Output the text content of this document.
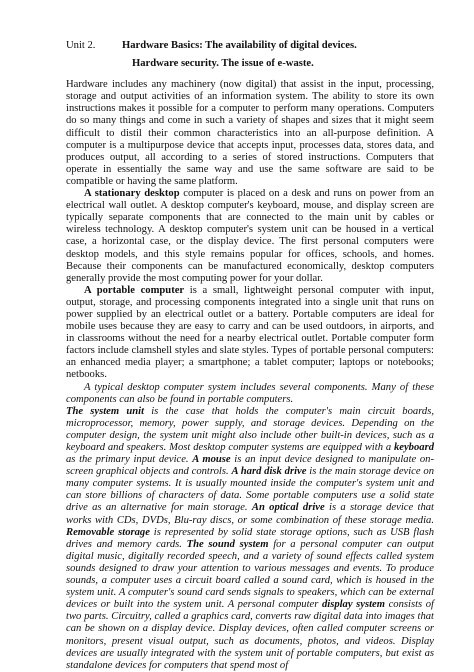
Unit 2.	Hardware Basics: The availability of digital devices.
Hardware security. The issue of e-waste.

Hardware includes any machinery (now digital) that assist in the input, processing, storage and output activities of an information system. The ability to store its own instructions makes it possible for a computer to perform many operations. Computers do so many things and come in such a variety of shapes and sizes that it might seem difficult to distil their common characteristics into an all-purpose definition. A computer is a multipurpose device that accepts input, processes data, stores data, and produces output, all according to a series of stored instructions. Computers that operate in essentially the same way and use the same software are said to be compatible or having the same platform.

A stationary desktop computer is placed on a desk and runs on power from an electrical wall outlet. A desktop computer's keyboard, mouse, and display screen are typically separate components that are connected to the main unit by cables or wireless technology. A desktop computer's system unit can be housed in a vertical case, a horizontal case, or the display device. The first personal computers were desktop models, and this style remains popular for offices, schools, and homes. Because their components can be manufactured economically, desktop computers generally provide the most computing power for your dollar.

A portable computer is a small, lightweight personal computer with input, output, storage, and processing components integrated into a single unit that runs on power supplied by an electrical outlet or a battery. Portable computers are ideal for mobile uses because they are easy to carry and can be used outdoors, in airports, and in classrooms without the need for a nearby electrical outlet. Portable computer form factors include clamshell styles and slate styles. Types of portable personal computers: an enhanced media player; a smartphone; a tablet computer; laptops or notebooks; netbooks.

A typical desktop computer system includes several components. Many of these components can also be found in portable computers.

The system unit is the case that holds the computer's main circuit boards, microprocessor, memory, power supply, and storage devices. Depending on the computer design, the system unit might also include other built-in devices, such as a keyboard and speakers. Most desktop computer systems are equipped with a keyboard as the primary input device. A mouse is an input device designed to manipulate on-screen graphical objects and controls. A hard disk drive is the main storage device on many computer systems. It is usually mounted inside the computer's system unit and can store billions of characters of data. Some portable computers use a solid state drive as an alternative for main storage. An optical drive is a storage device that works with CDs, DVDs, Blu-ray discs, or some combination of these storage media. Removable storage is represented by solid state storage options, such as USB flash drives and memory cards. The sound system for a personal computer can output digital music, digitally recorded speech, and a variety of sound effects called system sounds designed to draw your attention to various messages and events. To produce sounds, a computer uses a circuit board called a sound card, which is housed in the system unit. A computer's sound card sends signals to speakers, which can be external devices or built into the system unit. A personal computer display system consists of two parts. Circuitry, called a graphics card, converts raw digital data into images that can be shown on a display device. Display devices, often called computer screens or monitors, present visual output, such as documents, photos, and videos. Display devices are usually integrated with the system unit of portable computers, but exist as standalone devices for computers that spend most of
